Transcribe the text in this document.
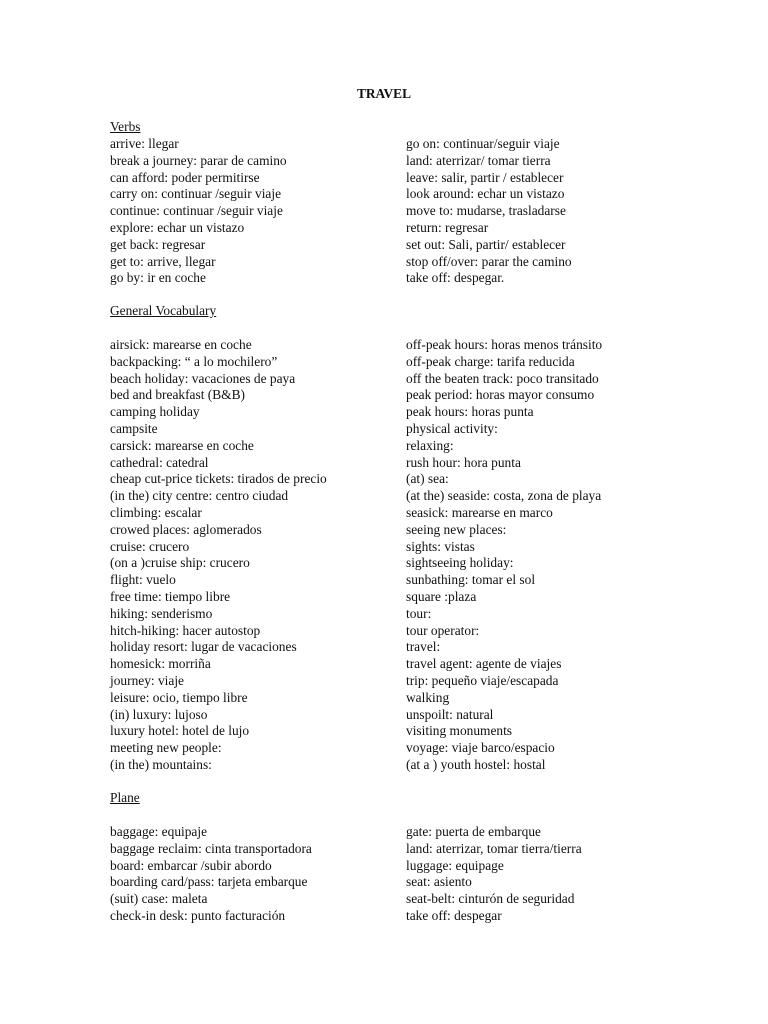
TRAVEL
Verbs
arrive: llegar
break a journey: parar de camino
can afford: poder permitirse
carry on: continuar /seguir viaje
continue: continuar /seguir viaje
explore: echar un vistazo
get back: regresar
get to: arrive, llegar
go by: ir en coche
go on: continuar/seguir viaje
land: aterrizar/ tomar tierra
leave: salir, partir / establecer
look around: echar un vistazo
move to: mudarse, trasladarse
return: regresar
set out: Sali, partir/ establecer
stop off/over: parar the camino
take off: despegar.
General Vocabulary
airsick: marearse en coche
backpacking: “ a lo mochilero”
beach holiday: vacaciones de paya
bed and breakfast (B&B)
camping holiday
campsite
carsick: marearse en coche
cathedral: catedral
cheap cut-price tickets: tirados de precio
(in the) city centre: centro ciudad
climbing: escalar
crowed places: aglomerados
cruise: crucero
(on a )cruise ship: crucero
flight: vuelo
free time: tiempo libre
hiking: senderismo
hitch-hiking: hacer autostop
holiday resort: lugar de vacaciones
homesick: morriña
journey: viaje
leisure: ocio, tiempo libre
(in) luxury: lujoso
luxury hotel: hotel de lujo
meeting new people:
(in the) mountains:
off-peak hours: horas menos tránsito
off-peak charge: tarifa reducida
off the beaten track: poco transitado
peak period: horas mayor consumo
peak hours: horas punta
physical activity:
relaxing:
rush hour: hora punta
(at) sea:
(at the) seaside: costa, zona de playa
seasick: marearse en marco
seeing new places:
sights: vistas
sightseeing holiday:
sunbathing: tomar el sol
square :plaza
tour:
tour operator:
travel:
travel agent: agente de viajes
trip: pequeño viaje/escapada
walking
unspoilt: natural
visiting monuments
voyage: viaje barco/espacio
(at a ) youth hostel: hostal
Plane
baggage: equipaje
baggage reclaim: cinta transportadora
board: embarcar /subir abordo
boarding card/pass: tarjeta embarque
(suit) case: maleta
check-in desk: punto facturación
gate: puerta de embarque
land: aterrizar, tomar tierra/tierra
luggage: equipage
seat: asiento
seat-belt: cinturón de seguridad
take off: despegar
